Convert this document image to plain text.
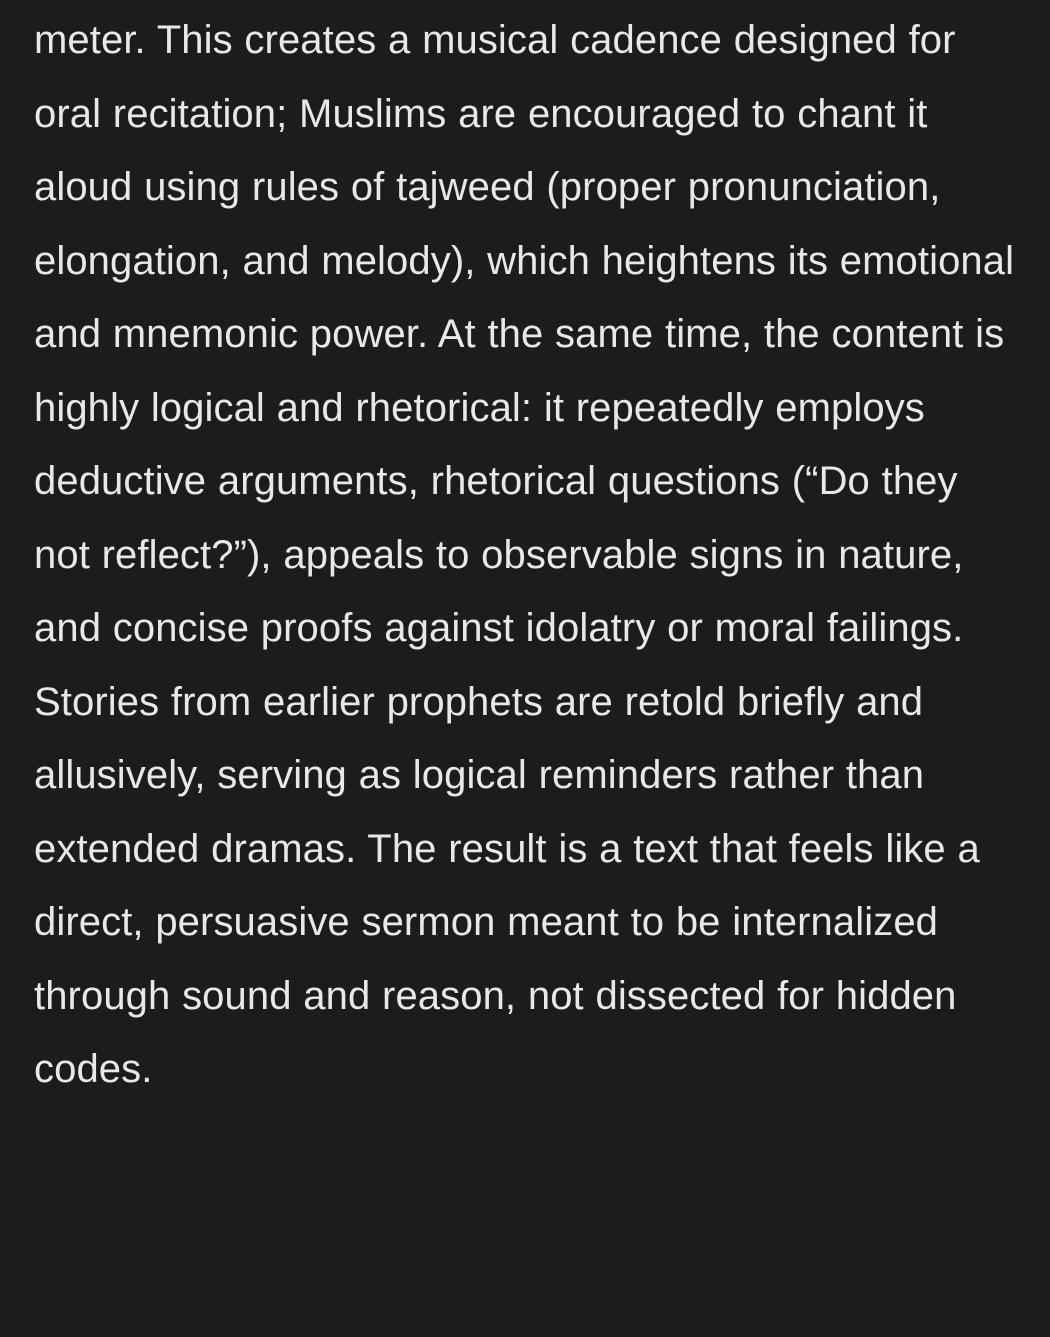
meter. This creates a musical cadence designed for oral recitation; Muslims are encouraged to chant it aloud using rules of tajweed (proper pronunciation, elongation, and melody), which heightens its emotional and mnemonic power. At the same time, the content is highly logical and rhetorical: it repeatedly employs deductive arguments, rhetorical questions (“Do they not reflect?”), appeals to observable signs in nature, and concise proofs against idolatry or moral failings. Stories from earlier prophets are retold briefly and allusively, serving as logical reminders rather than extended dramas. The result is a text that feels like a direct, persuasive sermon meant to be internalized through sound and reason, not dissected for hidden codes.
